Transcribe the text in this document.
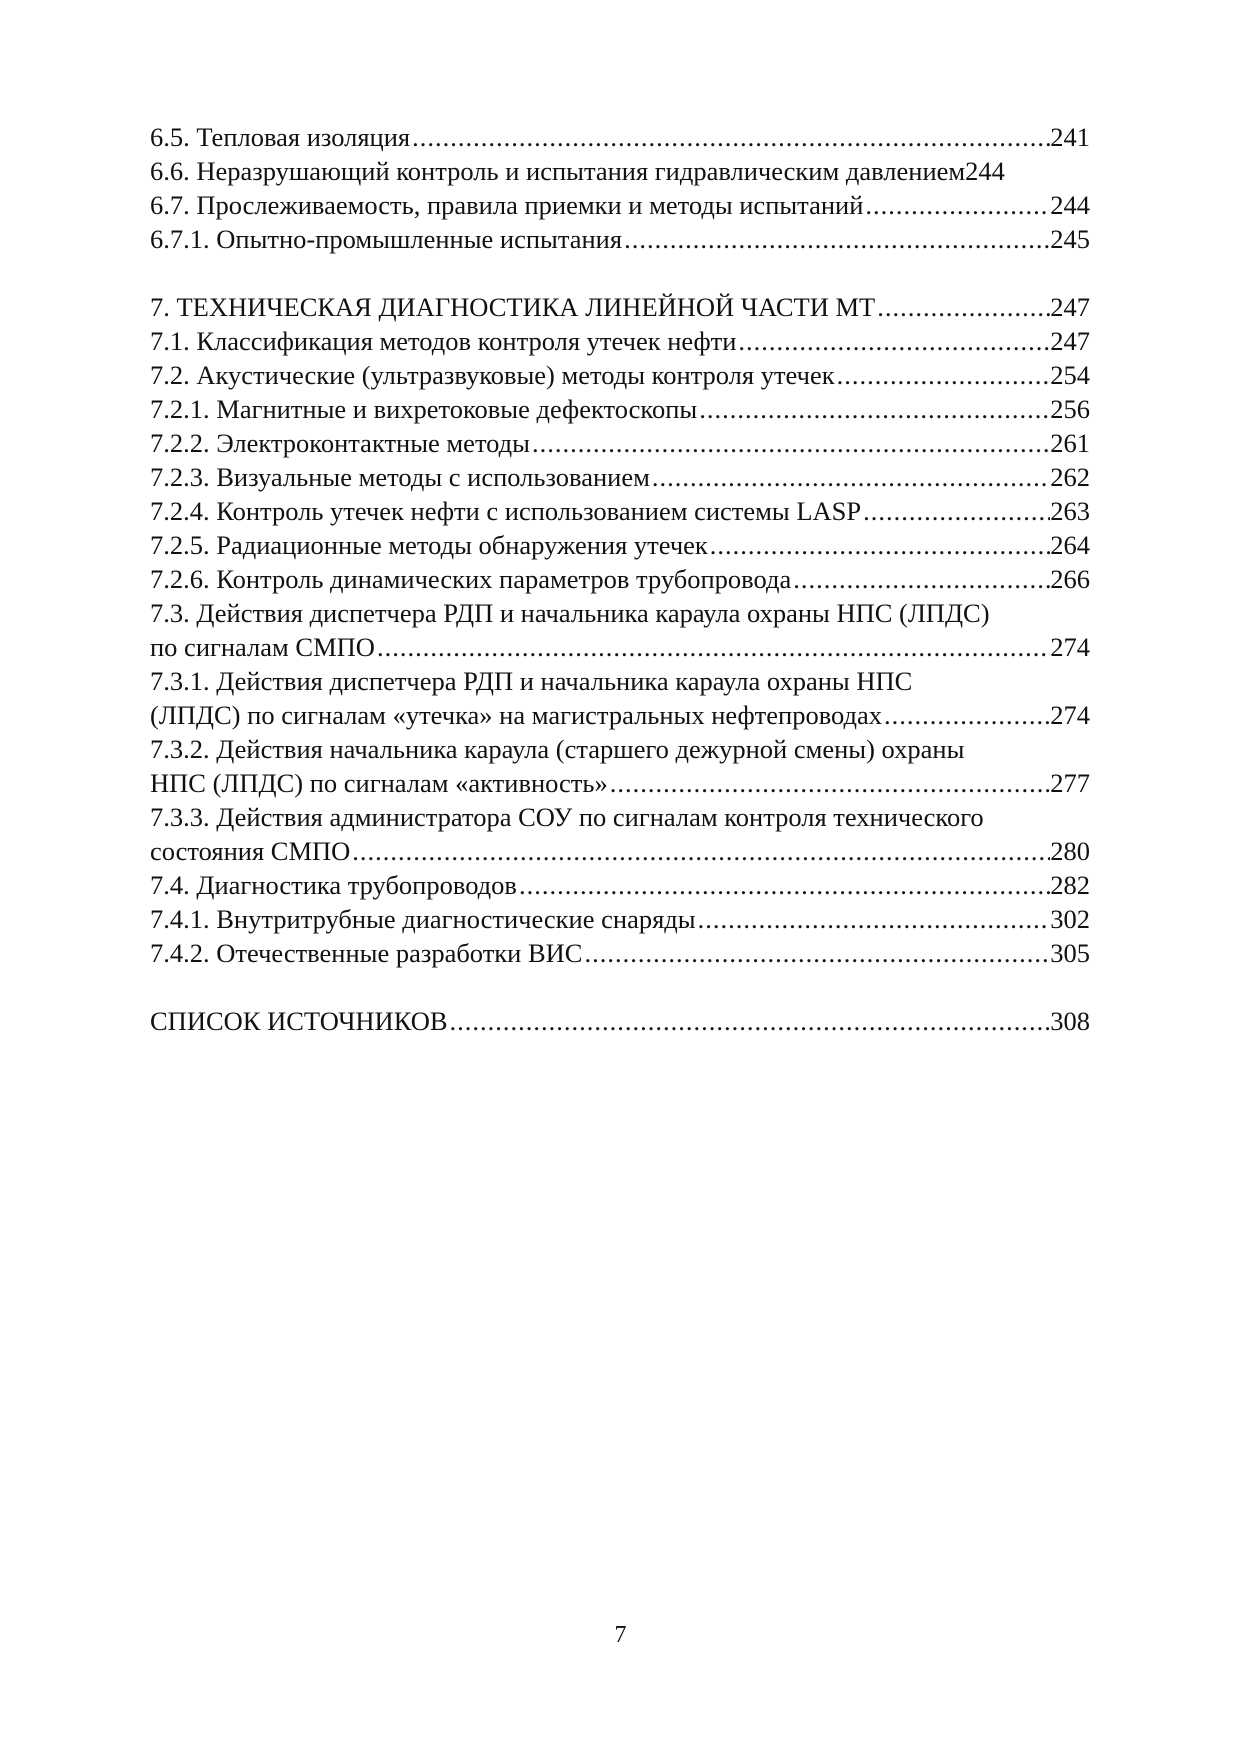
6.5. Тепловая изоляция .....	241
6.6. Неразрушающий контроль и испытания гидравлическим давлением 244
6.7. Прослеживаемость, правила приемки и методы испытаний .....	244
6.7.1. Опытно-промышленные испытания .....	245
7. ТЕХНИЧЕСКАЯ ДИАГНОСТИКА ЛИНЕЙНОЙ ЧАСТИ МТ .....	247
7.1. Классификация методов контроля утечек нефти .....	247
7.2. Акустические (ультразвуковые) методы контроля утечек .....	254
7.2.1. Магнитные и вихретоковые дефектоскопы .....	256
7.2.2. Электроконтактные методы .....	261
7.2.3. Визуальные методы с использованием .....	262
7.2.4. Контроль утечек нефти с использованием системы LASP .....	263
7.2.5. Радиационные методы обнаружения утечек .....	264
7.2.6. Контроль динамических параметров трубопровода .....	266
7.3. Действия диспетчера РДП и начальника караула охраны НПС (ЛПДС)
по сигналам СМПО .....	274
7.3.1. Действия диспетчера РДП и начальника караула охраны НПС
(ЛПДС) по сигналам «утечка» на магистральных нефтепроводах .....	274
7.3.2. Действия начальника караула (старшего дежурной смены) охраны
НПС (ЛПДС) по сигналам «активность» .....	277
7.3.3. Действия администратора СОУ по сигналам контроля технического
состояния СМПО .....	280
7.4. Диагностика трубопроводов .....	282
7.4.1. Внутритрубные диагностические снаряды .....	302
7.4.2. Отечественные разработки ВИС .....	305
СПИСОК ИСТОЧНИКОВ .....	308
7
